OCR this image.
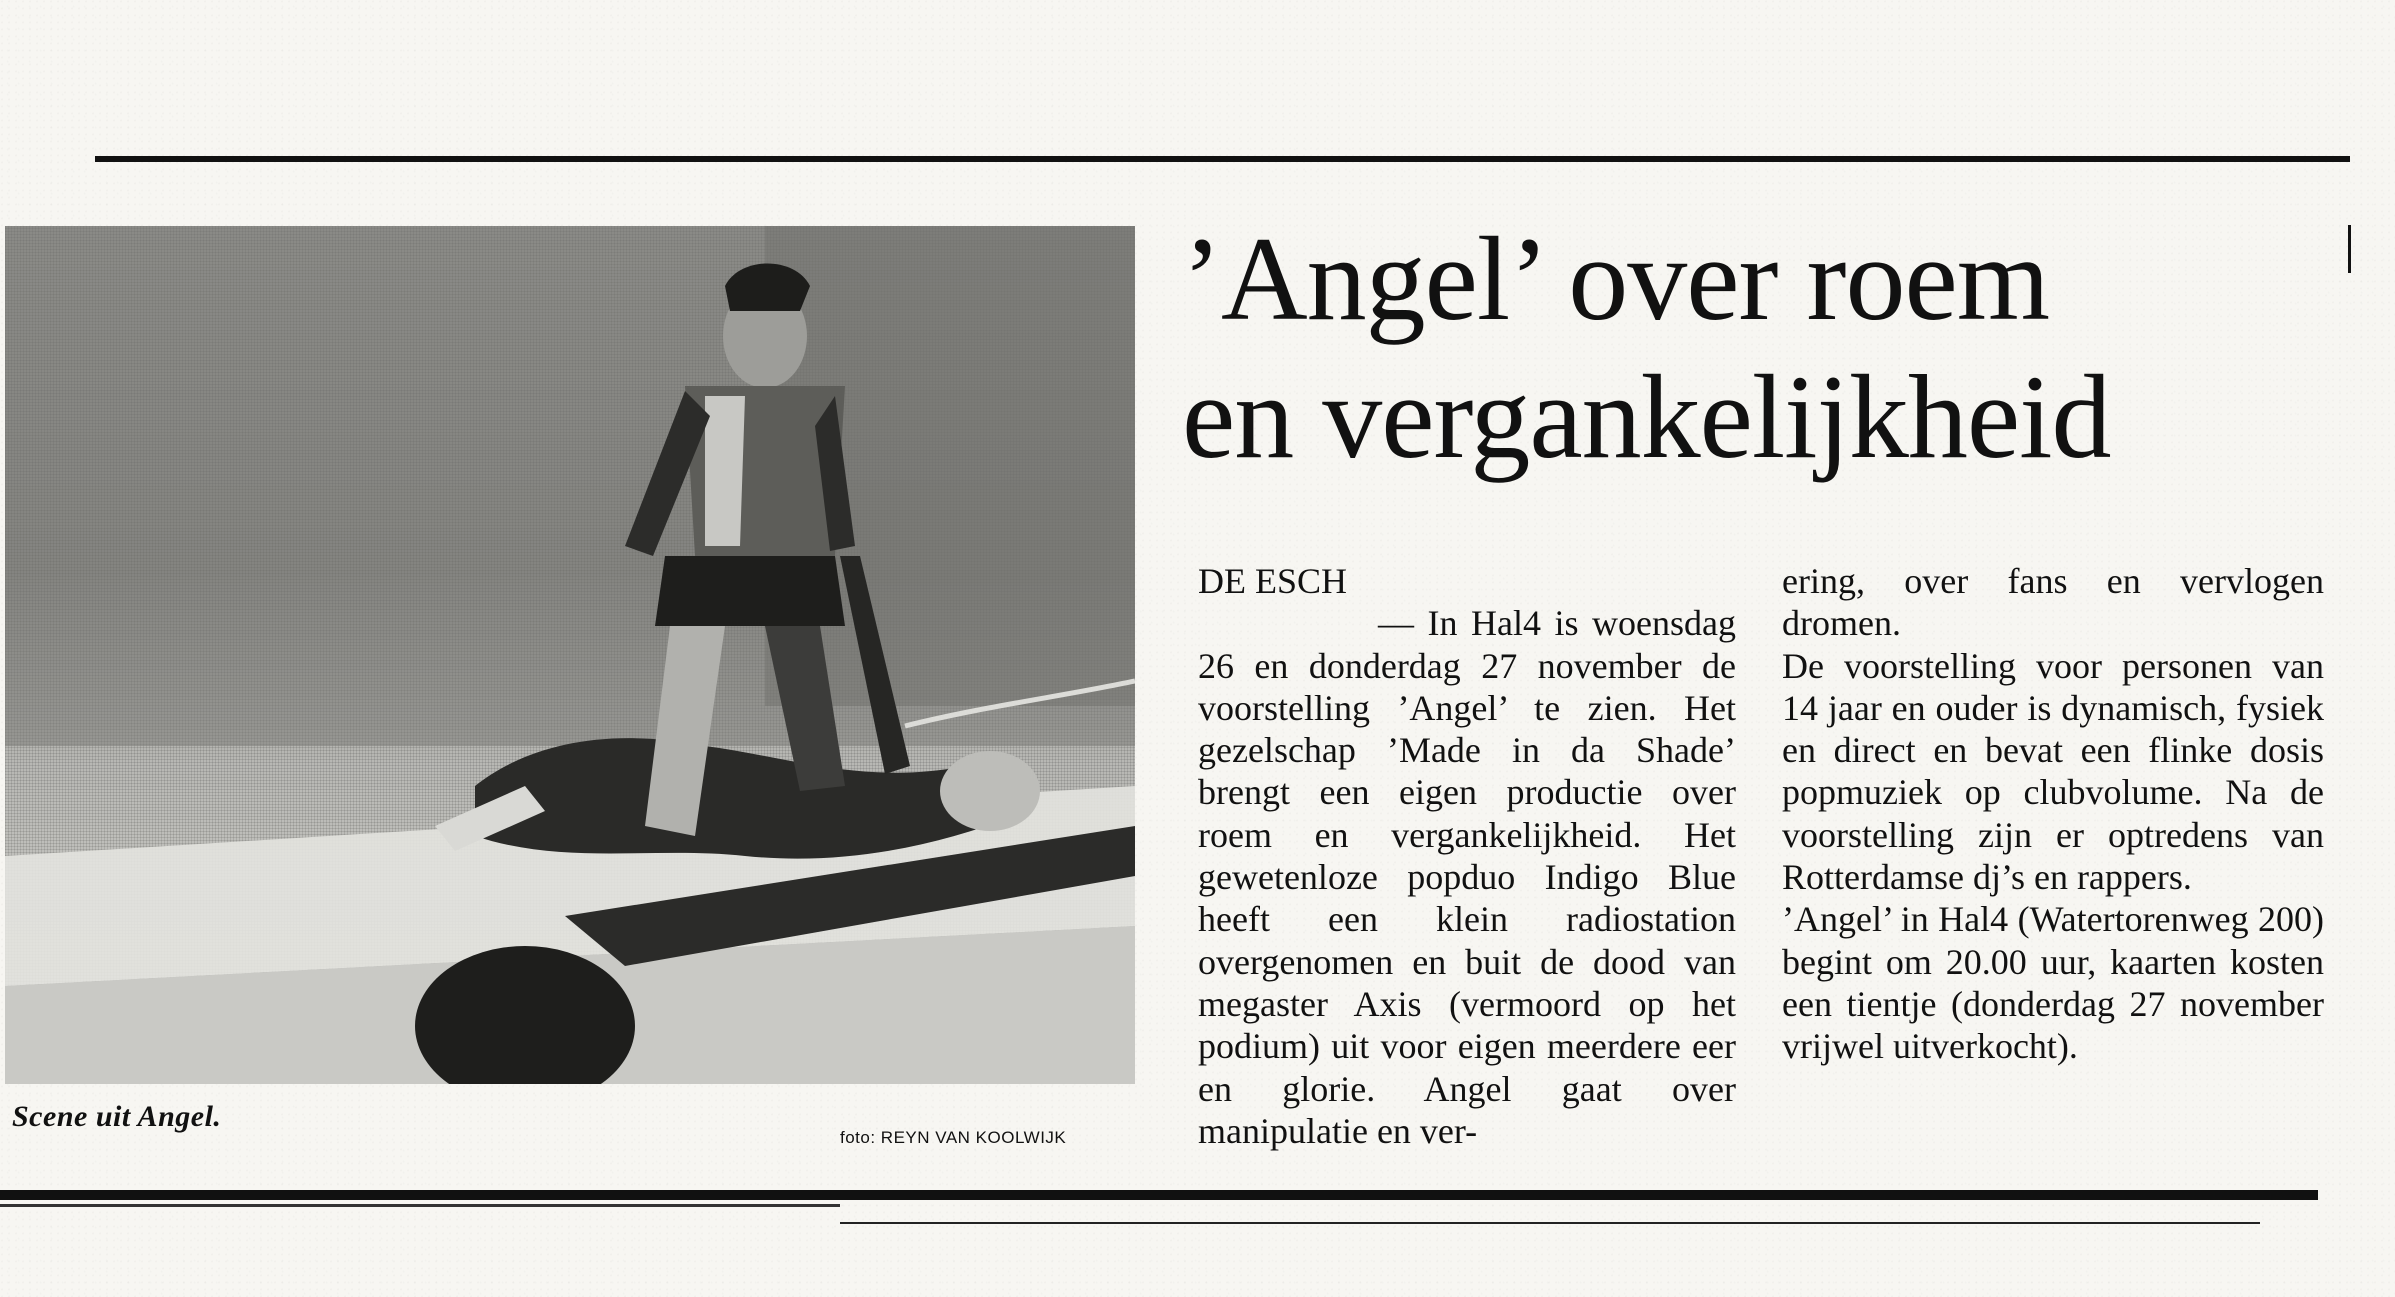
Scene uit Angel.
foto: REYN VAN KOOLWIJK
’Angel’ over roem
en vergankelijkheid
DE ESCH

— In Hal4 is woensdag 26 en donderdag 27 november de voorstelling ’Angel’ te zien. Het gezelschap ’Made in da Shade’ brengt een eigen productie over roem en vergankelijkheid. Het gewetenloze popduo Indigo Blue heeft een klein radiostation overgenomen en buit de dood van megaster Axis (vermoord op het podium) uit voor eigen meerdere eer en glorie. Angel gaat over manipulatie en ver-

ering, over fans en vervlogen dromen.

De voorstelling voor personen van 14 jaar en ouder is dynamisch, fysiek en direct en bevat een flinke dosis popmuziek op clubvolume. Na de voorstelling zijn er optredens van Rotterdamse dj’s en rappers.

’Angel’ in Hal4 (Watertorenweg 200) begint om 20.00 uur, kaarten kosten een tientje (donderdag 27 november vrijwel uitverkocht).
